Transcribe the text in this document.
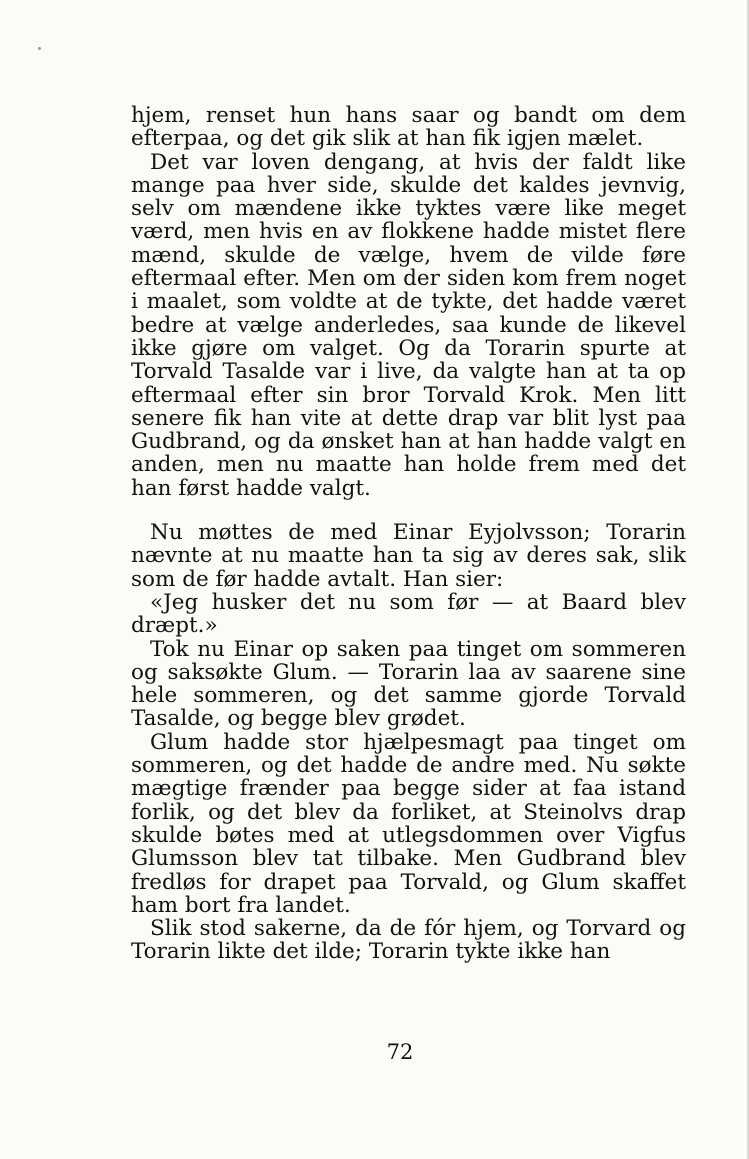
hjem, renset hun hans saar og bandt om dem efterpaa, og det gik slik at han fik igjen mælet.

Det var loven dengang, at hvis der faldt like mange paa hver side, skulde det kaldes jevnvig, selv om mændene ikke tyktes være like meget værd, men hvis en av flokkene hadde mistet flere mænd, skulde de vælge, hvem de vilde føre eftermaal efter. Men om der siden kom frem noget i maalet, som voldte at de tykte, det hadde været bedre at vælge anderledes, saa kunde de likevel ikke gjøre om valget. Og da Torarin spurte at Torvald Tasalde var i live, da valgte han at ta op eftermaal efter sin bror Torvald Krok. Men litt senere fik han vite at dette drap var blit lyst paa Gudbrand, og da ønsket han at han hadde valgt en anden, men nu maatte han holde frem med det han først hadde valgt.

Nu møttes de med Einar Eyjolvsson; Torarin nævnte at nu maatte han ta sig av deres sak, slik som de før hadde avtalt. Han sier:

«Jeg husker det nu som før — at Baard blev dræpt.»

Tok nu Einar op saken paa tinget om sommeren og saksøkte Glum. — Torarin laa av saarene sine hele sommeren, og det samme gjorde Torvald Tasalde, og begge blev grødet.

Glum hadde stor hjælpesmagt paa tinget om sommeren, og det hadde de andre med. Nu søkte mægtige frænder paa begge sider at faa istand forlik, og det blev da forliket, at Steinolvs drap skulde bøtes med at utlegsdommen over Vigfus Glumsson blev tat tilbake. Men Gudbrand blev fredløs for drapet paa Torvald, og Glum skaffet ham bort fra landet.

Slik stod sakerne, da de fór hjem, og Torvard og Torarin likte det ilde; Torarin tykte ikke han

72
